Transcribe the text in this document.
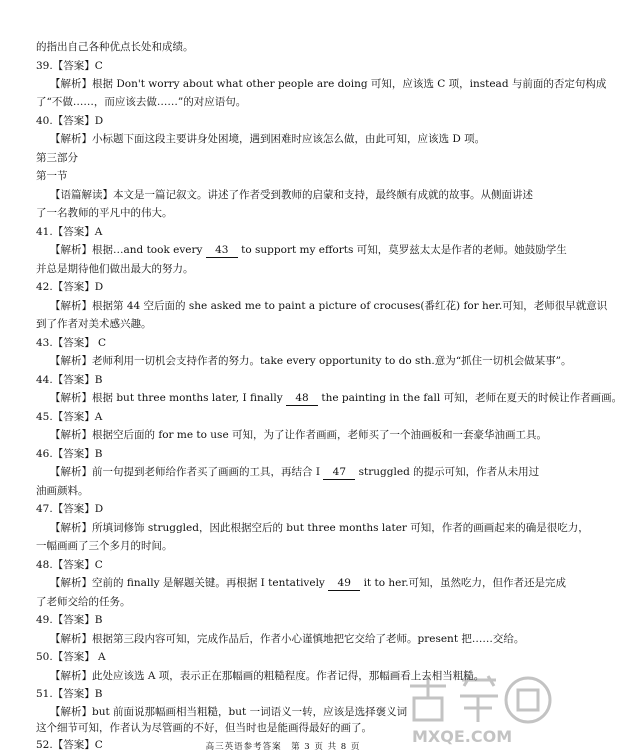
的指出自己各种优点长处和成绩。
39.【答案】C
【解析】根据 Don't worry about what other people are doing 可知，应该选 C 项，instead 与前面的否定句构成
了“不做……，而应该去做……”的对应语句。
40.【答案】D
【解析】小标题下面这段主要讲身处困境，遇到困难时应该怎么做，由此可知，应该选 D 项。
第三部分
第一节
【语篇解读】本文是一篇记叙文。讲述了作者受到教师的启蒙和支持，最终颇有成就的故事。从侧面讲述
了一名教师的平凡中的伟大。
41.【答案】A
【解析】根据…and took every 43 to support my efforts 可知，莫罗兹太太是作者的老师。她鼓励学生
并总是期待他们做出最大的努力。
42.【答案】D
【解析】根据第 44 空后面的 she asked me to paint a picture of crocuses(番红花) for her.可知，老师很早就意识
到了作者对美术感兴趣。
43.【答案】 C
【解析】老师利用一切机会支持作者的努力。take every opportunity to do sth.意为“抓住一切机会做某事”。
44.【答案】B
【解析】根据 but three months later, I finally 48 the painting in the fall 可知，老师在夏天的时候让作者画画。
45.【答案】A
【解析】根据空后面的 for me to use 可知，为了让作者画画，老师买了一个油画板和一套豪华油画工具。
46.【答案】B
【解析】前一句提到老师给作者买了画画的工具，再结合 I 47 struggled 的提示可知，作者从未用过
油画颜料。
47.【答案】D
【解析】所填词修饰 struggled，因此根据空后的 but three months later 可知，作者的画画起来的确是很吃力，
一幅画画了三个多月的时间。
48.【答案】C
【解析】空前的 finally 是解题关键。再根据 I tentatively 49 it to her.可知，虽然吃力，但作者还是完成
了老师交给的任务。
49.【答案】B
【解析】根据第三段内容可知，完成作品后，作者小心谨慎地把它交给了老师。present 把……交给。
50.【答案】 A
【解析】此处应该选 A 项，表示正在那幅画的粗糙程度。作者记得，那幅画看上去相当粗糙。
51.【答案】B
【解析】but 前面说那幅画相当粗糙，but 一词语义一转，应该是选择褒义词
这个细节可知，作者认为尽管画的不好，但当时也是能画得最好的画了。
52.【答案】C	高三英语参考答案　第 3 页 共 8 页
MXQE.COM
